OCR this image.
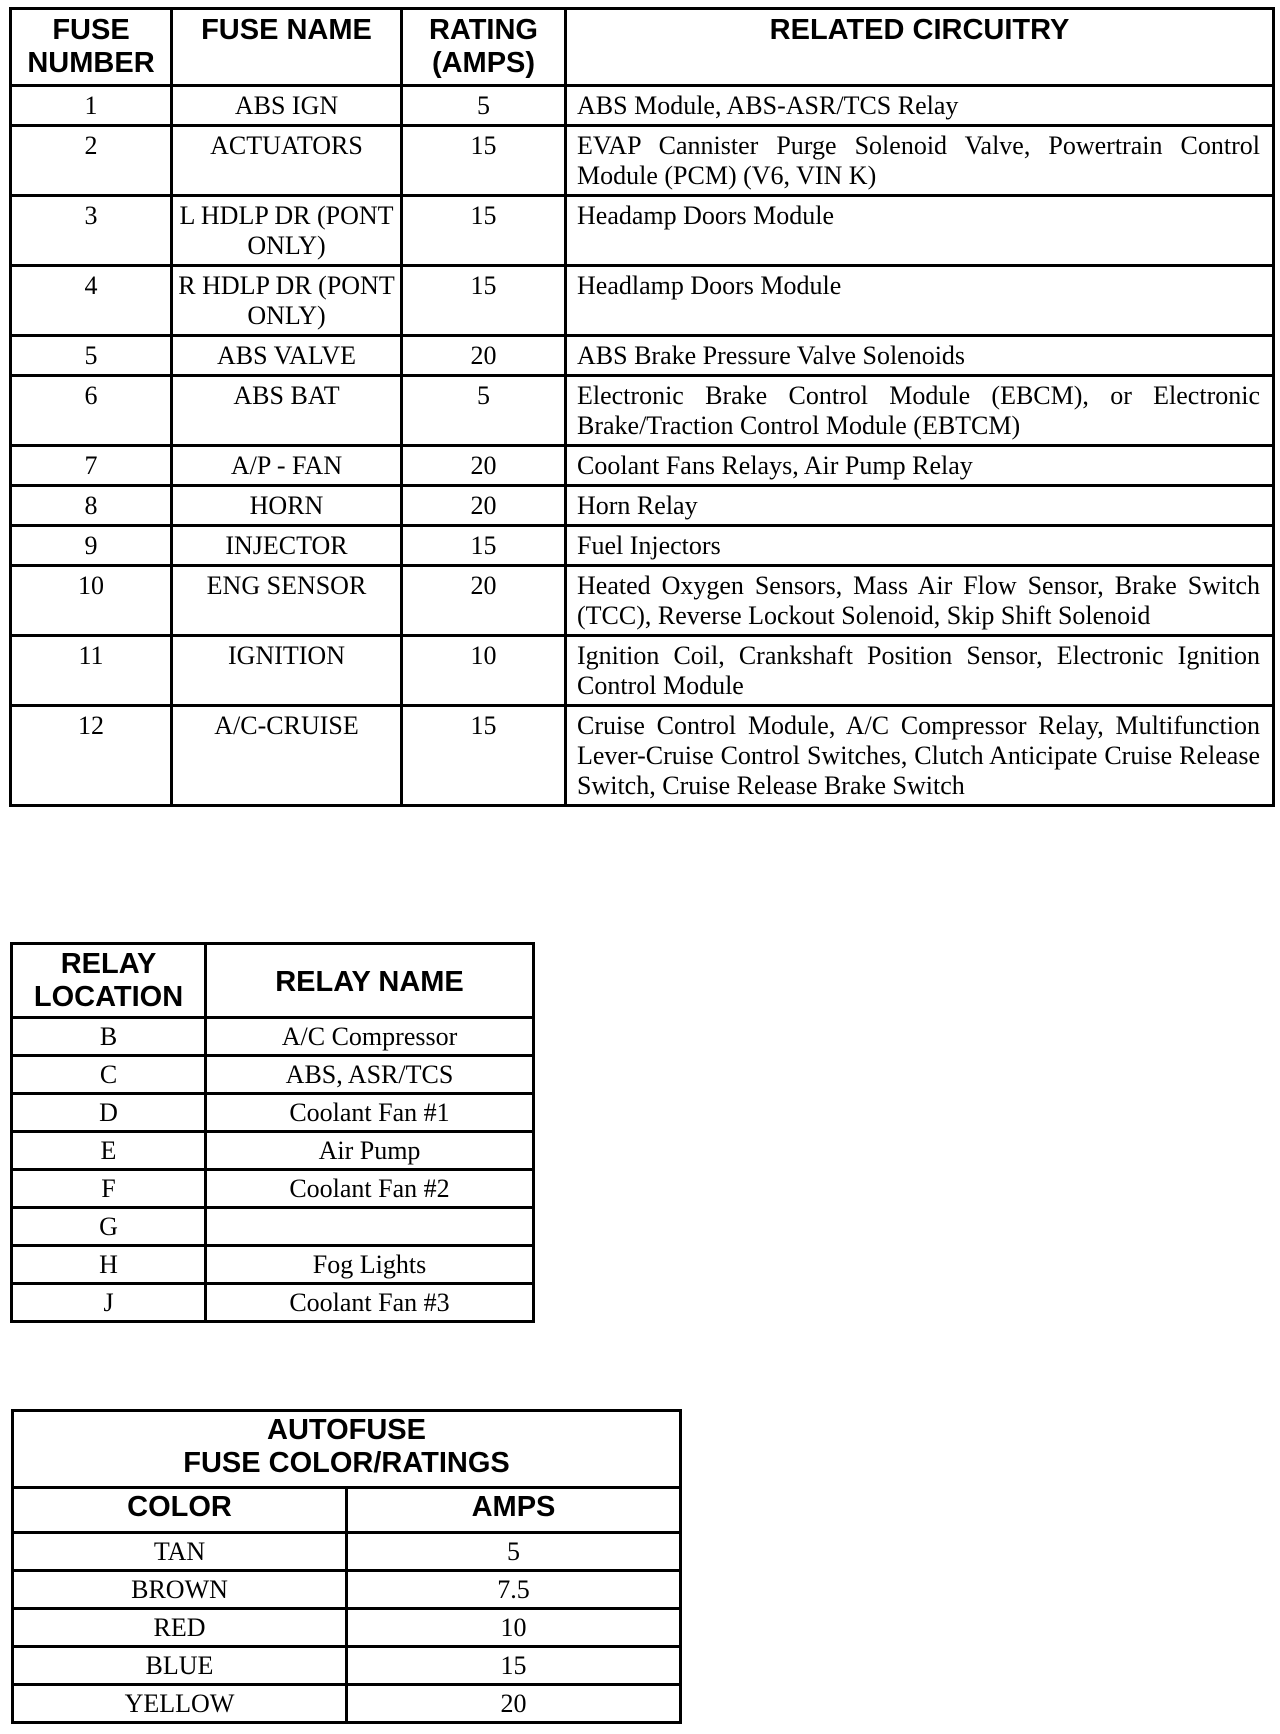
FUSE NUMBER	FUSE NAME	RATING (AMPS)	RELATED CIRCUITRY
1	ABS IGN	5	ABS Module, ABS-ASR/TCS Relay
2	ACTUATORS	15	EVAP Cannister Purge Solenoid Valve, Powertrain Control Module (PCM) (V6, VIN K)
3	L HDLP DR (PONT ONLY)	15	Headamp Doors Module
4	R HDLP DR (PONT ONLY)	15	Headlamp Doors Module
5	ABS VALVE	20	ABS Brake Pressure Valve Solenoids
6	ABS BAT	5	Electronic Brake Control Module (EBCM), or Electronic Brake/Traction Control Module (EBTCM)
7	A/P - FAN	20	Coolant Fans Relays, Air Pump Relay
8	HORN	20	Horn Relay
9	INJECTOR	15	Fuel Injectors
10	ENG SENSOR	20	Heated Oxygen Sensors, Mass Air Flow Sensor, Brake Switch (TCC), Reverse Lockout Solenoid, Skip Shift Solenoid
11	IGNITION	10	Ignition Coil, Crankshaft Position Sensor, Electronic Ignition Control Module
12	A/C-CRUISE	15	Cruise Control Module, A/C Compressor Relay, Multifunction Lever-Cruise Control Switches, Clutch Anticipate Cruise Release Switch, Cruise Release Brake Switch
RELAY LOCATION	RELAY NAME
B	A/C Compressor
C	ABS, ASR/TCS
D	Coolant Fan #1
E	Air Pump
F	Coolant Fan #2
G	
H	Fog Lights
J	Coolant Fan #3
AUTOFUSE
FUSE COLOR/RATINGS	
COLOR	AMPS
TAN	5
BROWN	7.5
RED	10
BLUE	15
YELLOW	20
